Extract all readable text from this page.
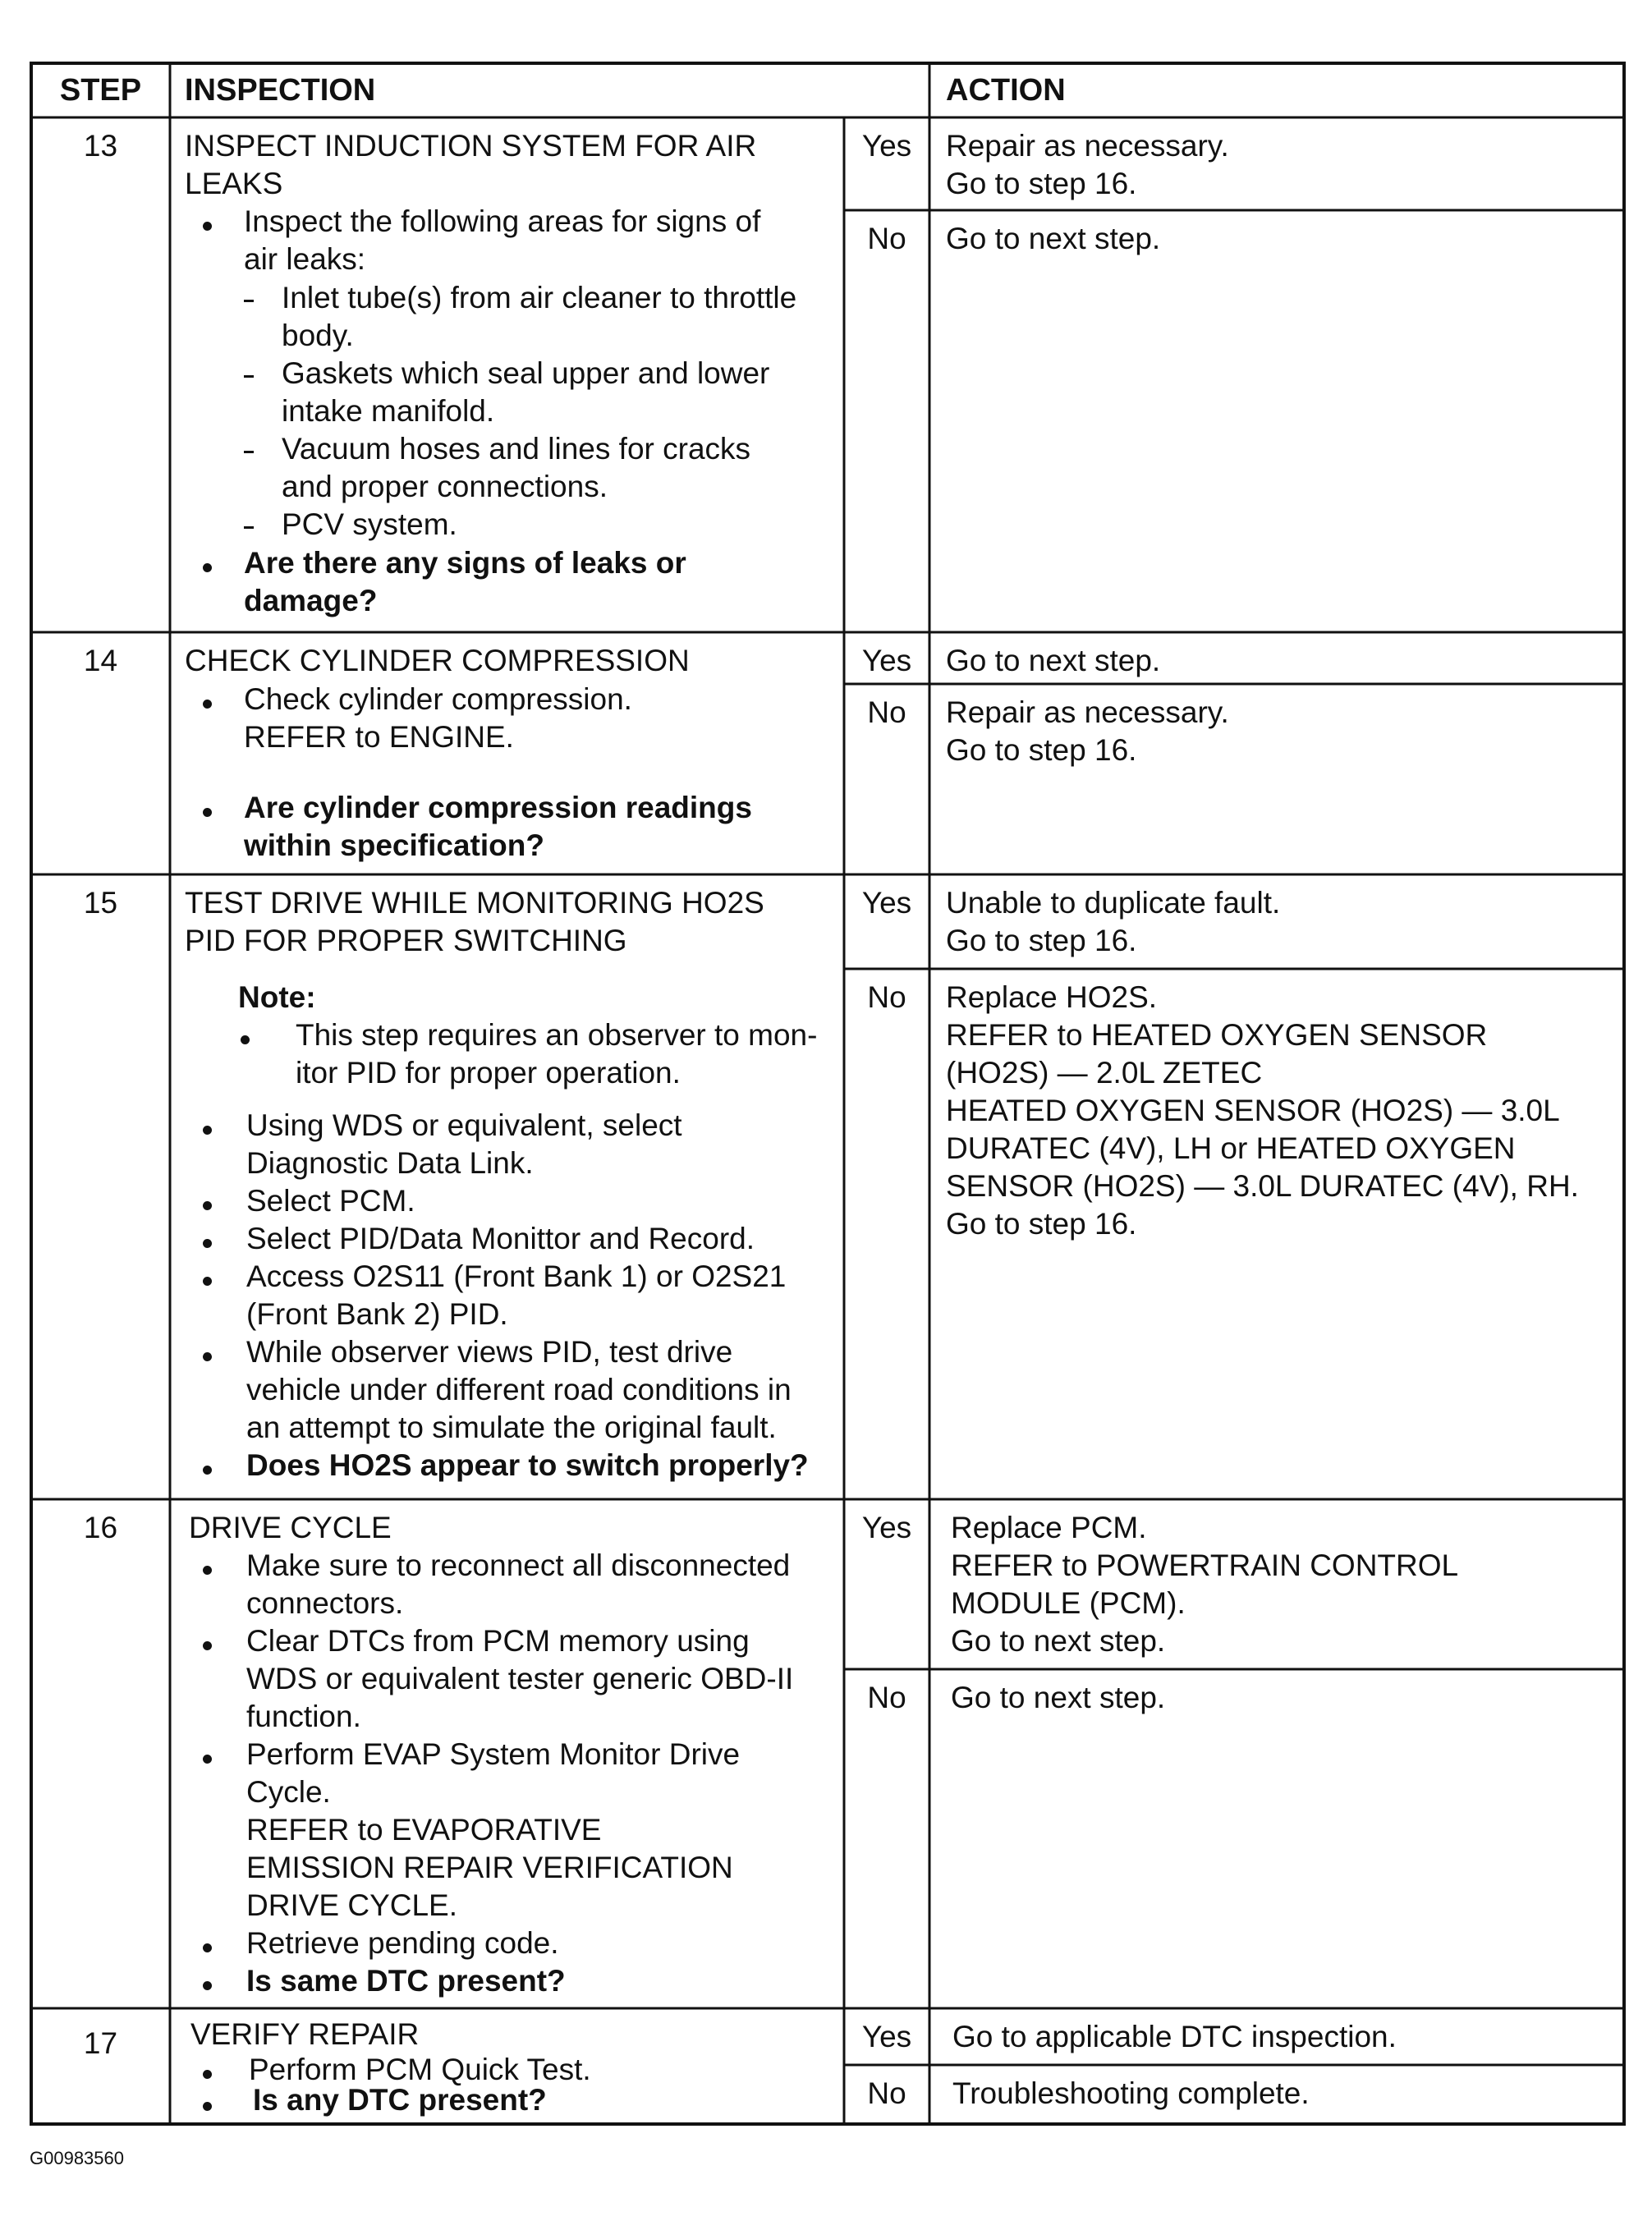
STEP	INSPECTION	ACTION
13	INSPECT INDUCTION SYSTEM FOR AIR
LEAKS
Inspect the following areas for signs of
air leaks:
Inlet tube(s) from air cleaner to throttle
body.
Gaskets which seal upper and lower
intake manifold.
Vacuum hoses and lines for cracks
and proper connections.
PCV system.
Are there any signs of leaks or
damage?
Yes	Repair as necessary.
Go to step 16.
No	Go to next step.
14	CHECK CYLINDER COMPRESSION
Check cylinder compression.
REFER to ENGINE.
Are cylinder compression readings
within specification?
Yes	Go to next step.
No	Repair as necessary.
Go to step 16.
15	TEST DRIVE WHILE MONITORING HO2S
PID FOR PROPER SWITCHING
Note:
This step requires an observer to mon-
itor PID for proper operation.
Using WDS or equivalent, select
Diagnostic Data Link.
Select PCM.
Select PID/Data Monittor and Record.
Access O2S11 (Front Bank 1) or O2S21
(Front Bank 2) PID.
While observer views PID, test drive
vehicle under different road conditions in
an attempt to simulate the original fault.
Does HO2S appear to switch properly?
Yes	Unable to duplicate fault.
Go to step 16.
No	Replace HO2S.
REFER to HEATED OXYGEN SENSOR
(HO2S) — 2.0L ZETEC
HEATED OXYGEN SENSOR (HO2S) — 3.0L
DURATEC (4V), LH or HEATED OXYGEN
SENSOR (HO2S) — 3.0L DURATEC (4V), RH.
Go to step 16.
16	DRIVE CYCLE
Make sure to reconnect all disconnected
connectors.
Clear DTCs from PCM memory using
WDS or equivalent tester generic OBD-II
function.
Perform EVAP System Monitor Drive
Cycle.
REFER to EVAPORATIVE
EMISSION REPAIR VERIFICATION
DRIVE CYCLE.
Retrieve pending code.
Is same DTC present?
Yes	Replace PCM.
REFER to POWERTRAIN CONTROL
MODULE (PCM).
Go to next step.
No	Go to next step.
17	VERIFY REPAIR
Perform PCM Quick Test.
Is any DTC present?
Yes	Go to applicable DTC inspection.
No	Troubleshooting complete.
G00983560
